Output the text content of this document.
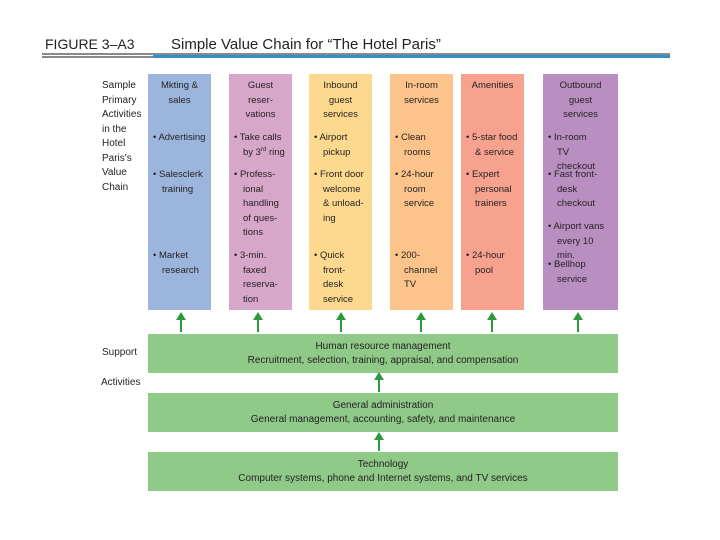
FIGURE 3–A3 Simple Value Chain for “The Hotel Paris”
Sample
Primary
Activities
in the
Hotel
Paris's
Value
Chain
Support
Activities
Mkting &
sales
• Advertising
• Salesclerk
training
• Market
research
Guest
reser-
vations
• Take calls
by 3rd ring
• Profess-
ional
handling
of ques-
tions
• 3-min.
faxed
reserva-
tion
Inbound
guest
services
• Airport
pickup
• Front door
welcome
& unload-
ing
• Quick
front-
desk
service
In-room
services
• Clean
rooms
• 24-hour
room
service
• 200-
channel
TV
Amenities
• 5-star food
& service
• Expert
personal
trainers
• 24-hour
pool
Outbound
guest
services
• In-room
TV checkout
• Fast front-
desk
checkout
• Airport vans
every 10 min.
• Bellhop
service
Human resource management
Recruitment, selection, training, appraisal, and compensation
General administration
General management, accounting, safety, and maintenance
Technology
Computer systems, phone and Internet systems, and TV services
